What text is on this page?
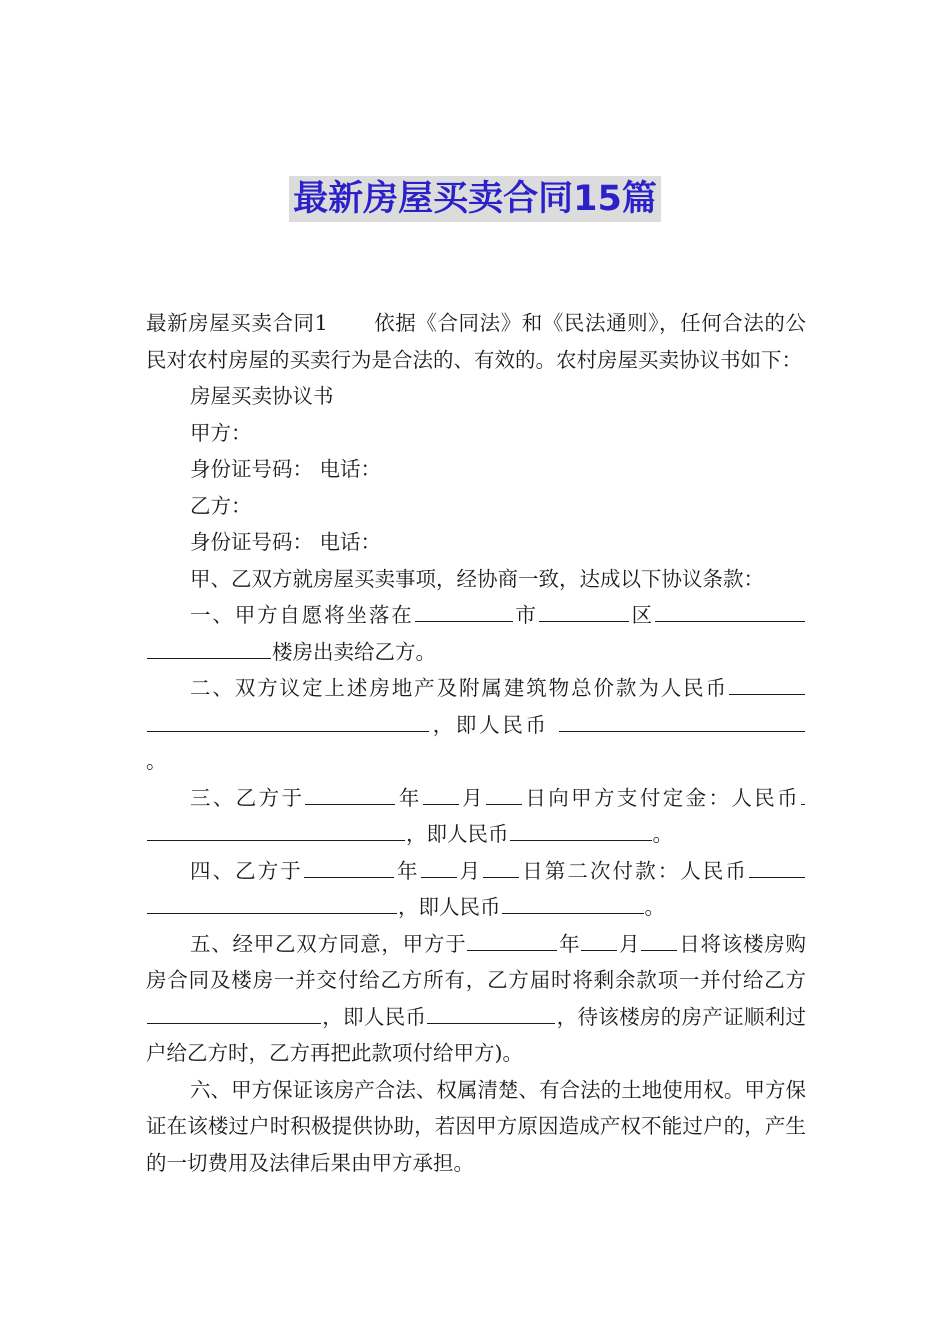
最新房屋买卖合同15篇

最新房屋买卖合同1 依据《合同法》和《民法通则》，任何合法的公民对农村房屋的买卖行为是合法的、有效的。农村房屋买卖协议书如下：

房屋买卖协议书

甲方：

身份证号码： 电话：

乙方：

身份证号码： 电话：

甲、乙双方就房屋买卖事项，经协商一致，达成以下协议条款：

一、甲方自愿将坐落在	市	区楼房出卖给乙方。

二、双方议定上述房地产及附属建筑物总价款为人民币，即人民币 。

三、乙方于	年 月 日向甲方支付定金：人民币，即人民币	。

四、乙方于	年 月 日第二次付款：人民币，即人民币	。

五、经甲乙双方同意，甲方于	年 月 日将该楼房购房合同及楼房一并交付给乙方所有，乙方届时将剩余款项一并付给乙方，即人民币	，待该楼房的房产证顺利过户给乙方时，乙方再把此款项付给甲方)。

六、甲方保证该房产合法、权属清楚、有合法的土地使用权。甲方保证在该楼过户时积极提供协助，若因甲方原因造成产权不能过户的，产生的一切费用及法律后果由甲方承担。
